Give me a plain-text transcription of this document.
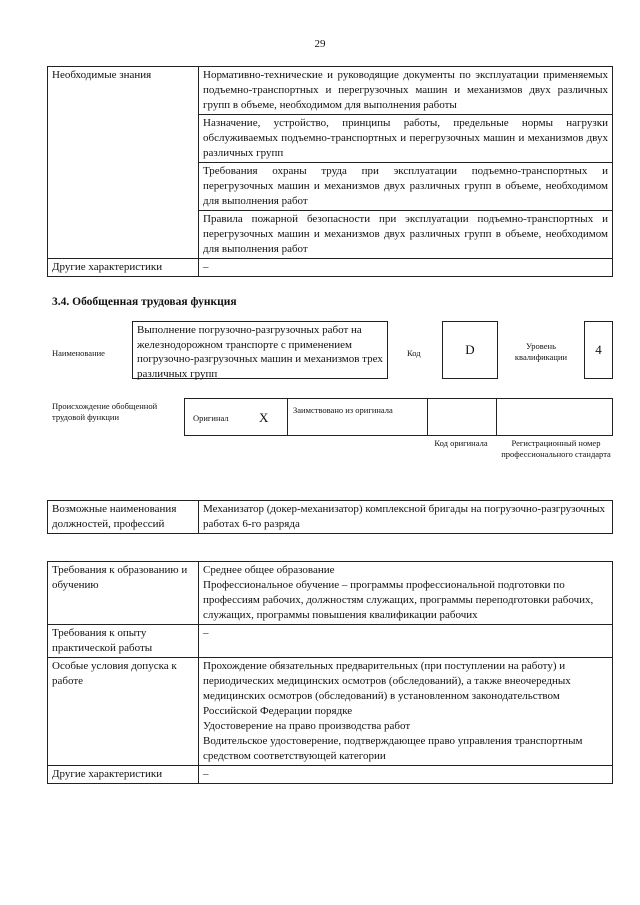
29
Необходимые знания	Нормативно-технические и руководящие документы по эксплуатации применяемых подъемно-транспортных и перегрузочных машин и механизмов двух различных групп в объеме, необходимом для выполнения работы
	Назначение, устройство, принципы работы, предельные нормы нагрузки обслуживаемых подъемно-транспортных и перегрузочных машин и механизмов двух различных групп
	Требования охраны труда при эксплуатации подъемно-транспортных и перегрузочных машин и механизмов двух различных групп в объеме, необходимом для выполнения работ
	Правила пожарной безопасности при эксплуатации подъемно-транспортных и перегрузочных машин и механизмов двух различных групп в объеме, необходимом для выполнения работ
Другие характеристики	–
3.4. Обобщенная трудовая функция
Наименование
Выполнение погрузочно-разгрузочных работ на железнодорожном транспорте с применением погрузочно-разгрузочных машин и механизмов трех различных групп
Код	D	Уровень квалификации	4
Происхождение обобщенной трудовой функции	Оригинал X	Заимствовано из оригинала
Код оригинала	Регистрационный номер профессионального стандарта
Возможные наименования должностей, профессий	Механизатор (докер-механизатор) комплексной бригады на погрузочно-разгрузочных работах 6-го разряда
Требования к образованию и обучению	Среднее общее образование
Профессиональное обучение – программы профессиональной подготовки по профессиям рабочих, должностям служащих, программы переподготовки рабочих, служащих, программы повышения квалификации рабочих

Требования к опыту практической работы	–
Особые условия допуска к работе	Прохождение обязательных предварительных (при поступлении на работу) и периодических медицинских осмотров (обследований), а также внеочередных медицинских осмотров (обследований) в установленном законодательством Российской Федерации порядке
Удостоверение на право производства работ
Водительское удостоверение, подтверждающее право управления транспортным средством соответствующей категории

Другие характеристики	–
